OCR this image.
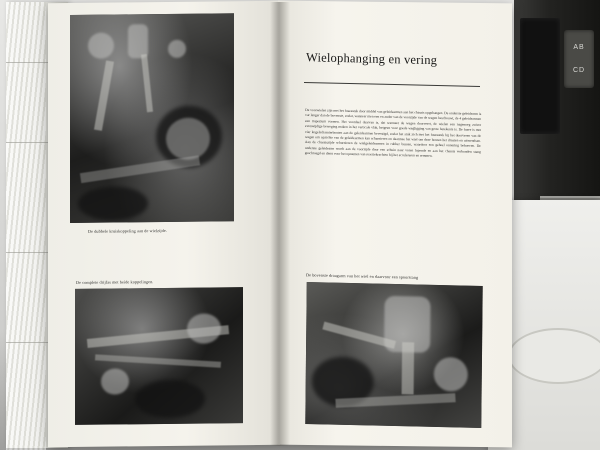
AB
CD
De dubbele kruiskoppeling aan de wielzijde.
De complete drijfas met beide koppelingen.
Wielophanging en vering
De voorwielen zijn met het fuseestuk door middel van geleidearmen aan het chassis opgehangen. De onderste geleidearm is var langer dan de bovenste, zodat, wanneer men een en ander van de voorzijde van de wagen beschouwt, de 4 geleidearmen een trapezium vormen. Het voordeel daarvan is, dat wanneer de wagen doorveert, de wielen een nagenoeg zuiver evenwijdige beweging maken in het verticale vlak, hetgeen voor goede wegligging van grote betekenis is. De fusee is met vier kogelscharnierbouten aan de geleidearmen bevestigd, zodat het stuk zich met het fuseestuk bij het doorveren van de wagen om opzichte van de geleidearmen kan scharnieren en daarmee het wiel om deze bouten het draaien en uitwendsen. Aan de chassiszijde scharnieren de wielgeleidearmen in rubber bussen, waardoor een geheel onnering behoeven. De onderste geleidearm wordt aan de voorzijde door een schuin naar voren lopende en aan het chassis verbonden stang geschraagd en dient voor het opnemen van reactiekrachten bij het accelereren en remmen.
De bovenste draagarm van het wiel en daarvoor een spoorstang
